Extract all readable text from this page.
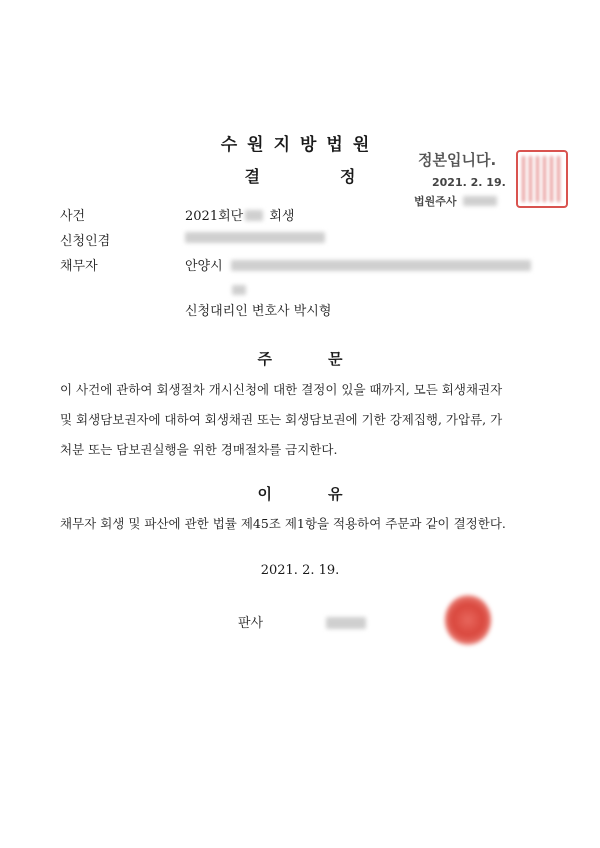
수원지방법원
결정
정본입니다.
2021. 2. 19.
법원주사
사건	2021회단 회생
신청인겸
채무자	안양시
신청대리인 변호사 박시형
주문
이 사건에 관하여 회생절차 개시신청에 대한 결정이 있을 때까지, 모든 회생채권자
및 회생담보권자에 대하여 회생채권 또는 회생담보권에 기한 강제집행, 가압류, 가
처분 또는 담보권실행을 위한 경매절차를 금지한다.
이유
채무자 회생 및 파산에 관한 법률 제45조 제1항을 적용하여 주문과 같이 결정한다.
2021. 2. 19.
판사
